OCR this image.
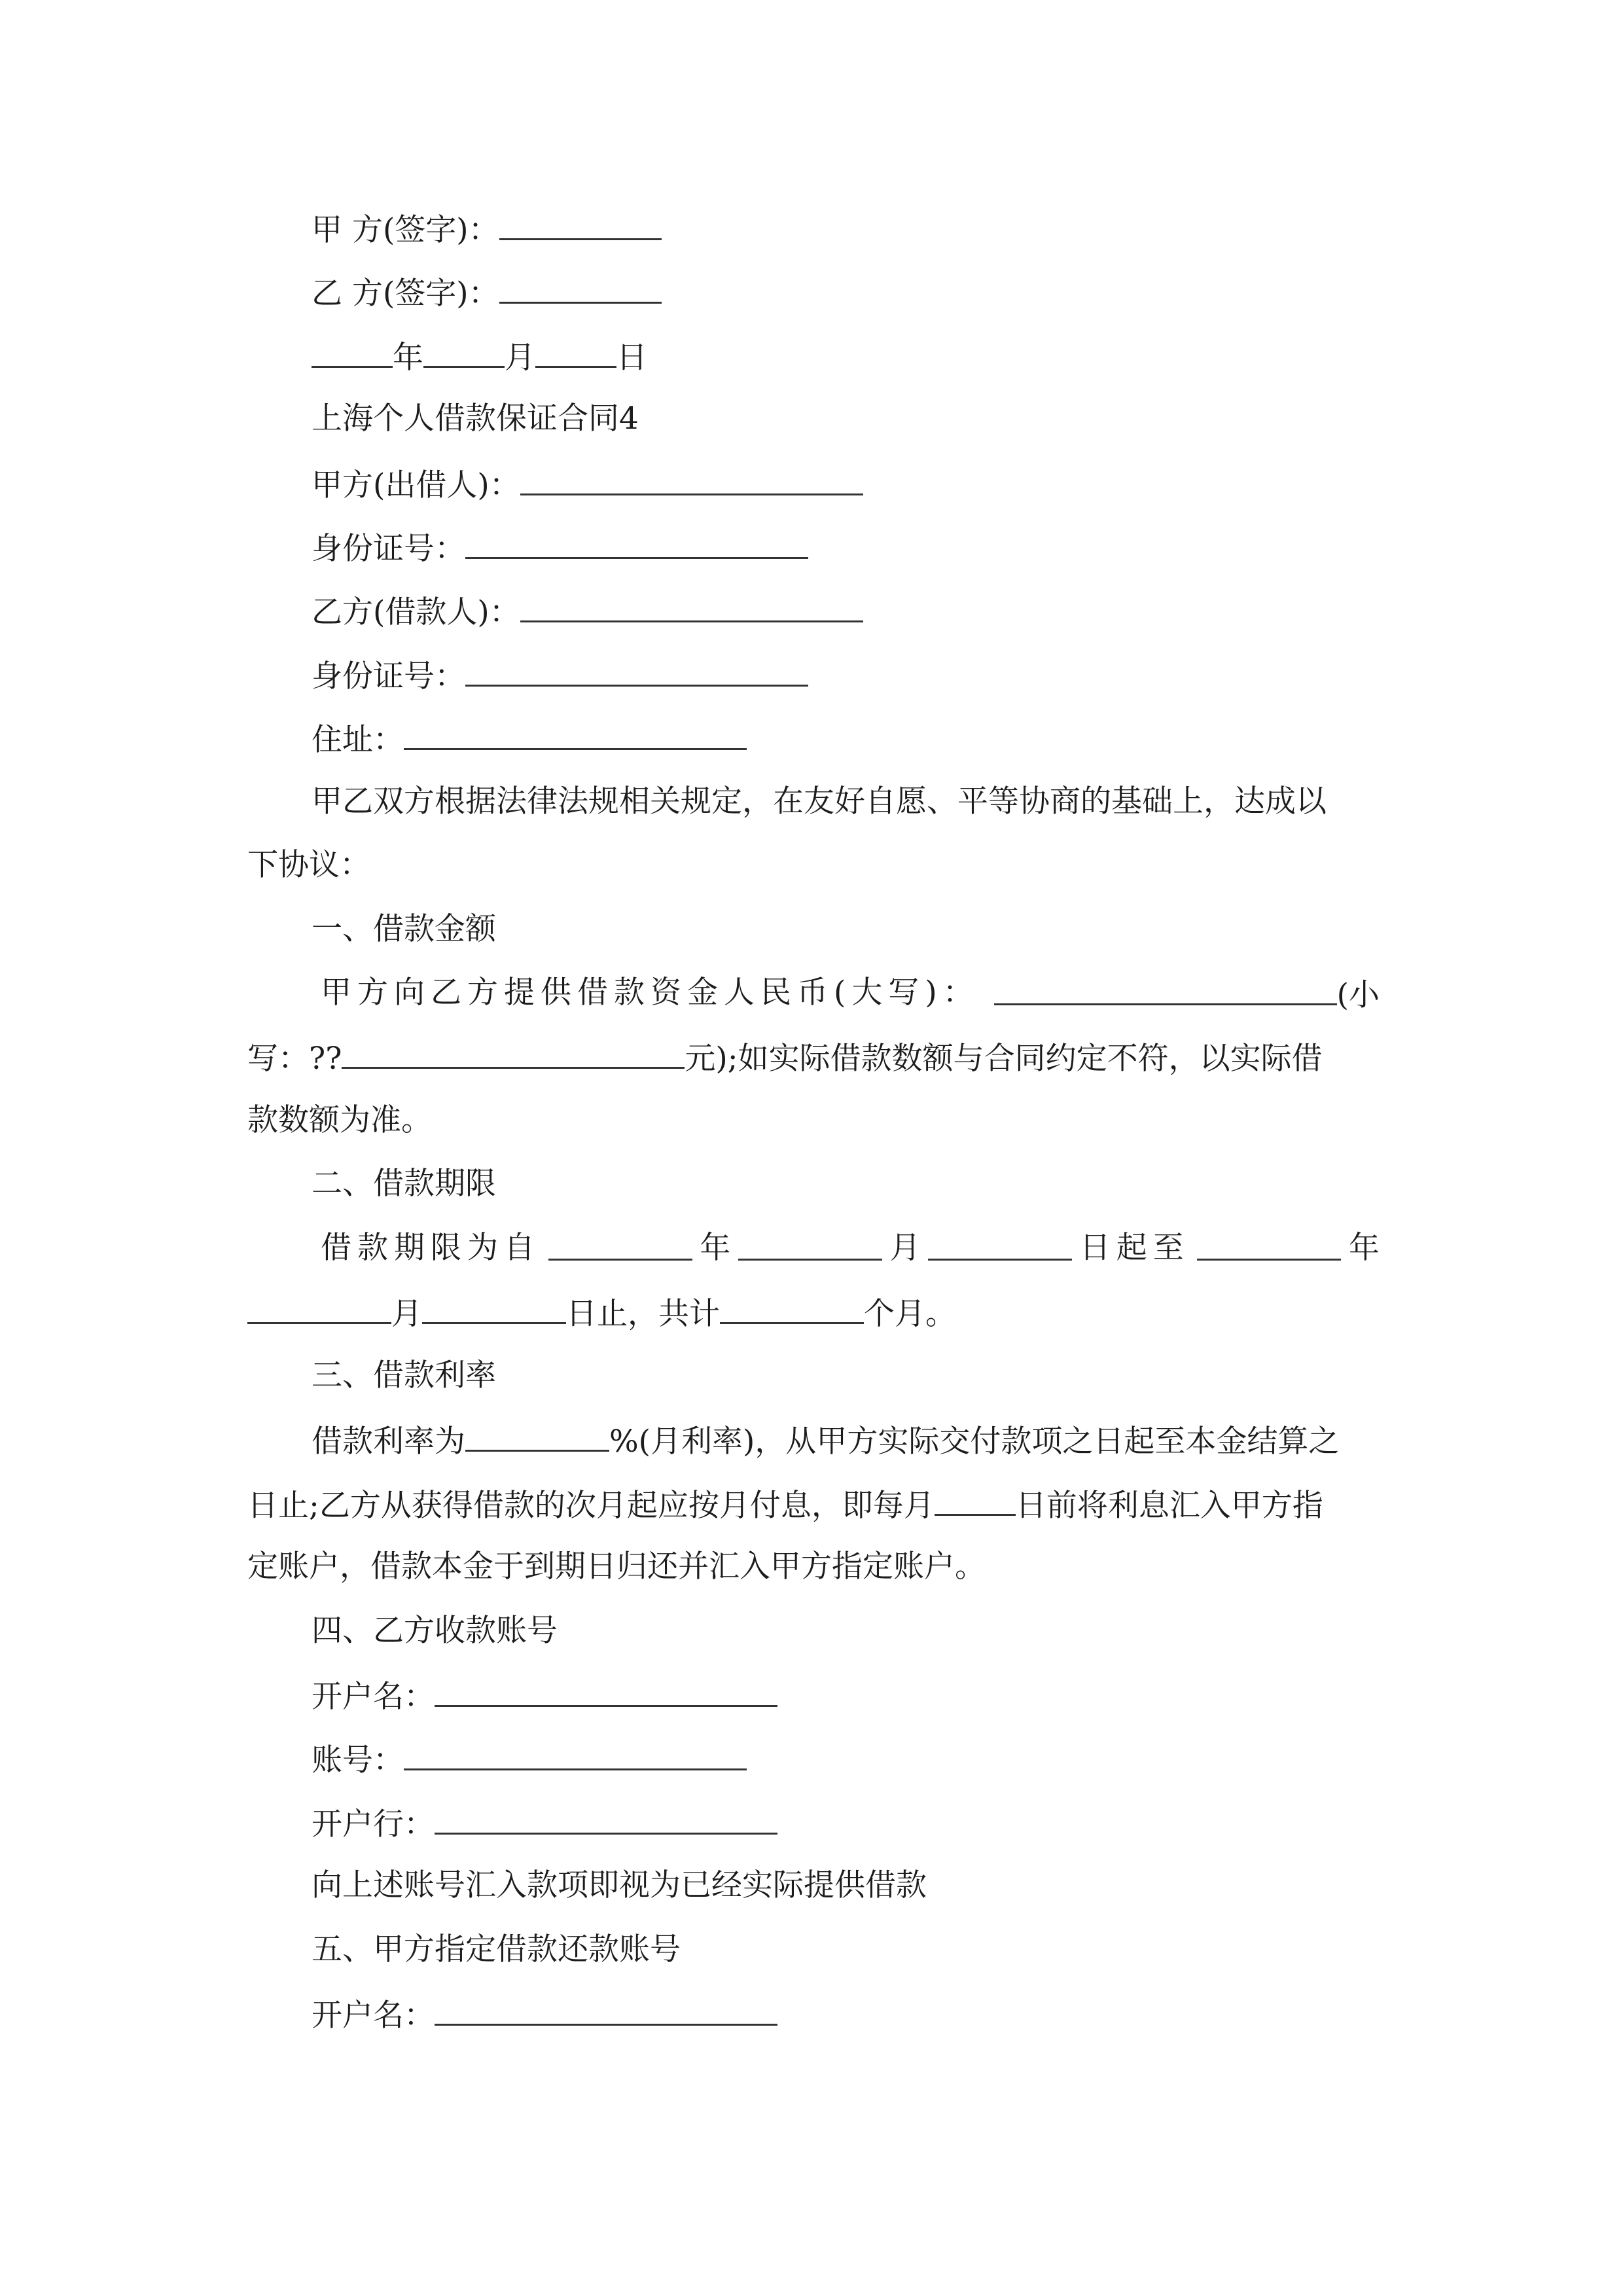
甲 方(签字)：
乙 方(签字)：
年	月	日
上海个人借款保证合同4
甲方(出借人)：
身份证号：
乙方(借款人)：
身份证号：
住址：
甲乙双方根据法律法规相关规定，在友好自愿、平等协商的基础上，达成以
下协议：
一、借款金额
甲方向乙方提供借款资金人民币(大写)：	(小
写：??	元);如实际借款数额与合同约定不符，以实际借
款数额为准。
二、借款期限
借款期限为自	年	月	日起至	年
月	日止，共计	个月。
三、借款利率
借款利率为	%(月利率)，从甲方实际交付款项之日起至本金结算之
日止;乙方从获得借款的次月起应按月付息，即每月	日前将利息汇入甲方指
定账户，借款本金于到期日归还并汇入甲方指定账户。
四、乙方收款账号
开户名：
账号：
开户行：
向上述账号汇入款项即视为已经实际提供借款
五、甲方指定借款还款账号
开户名：
